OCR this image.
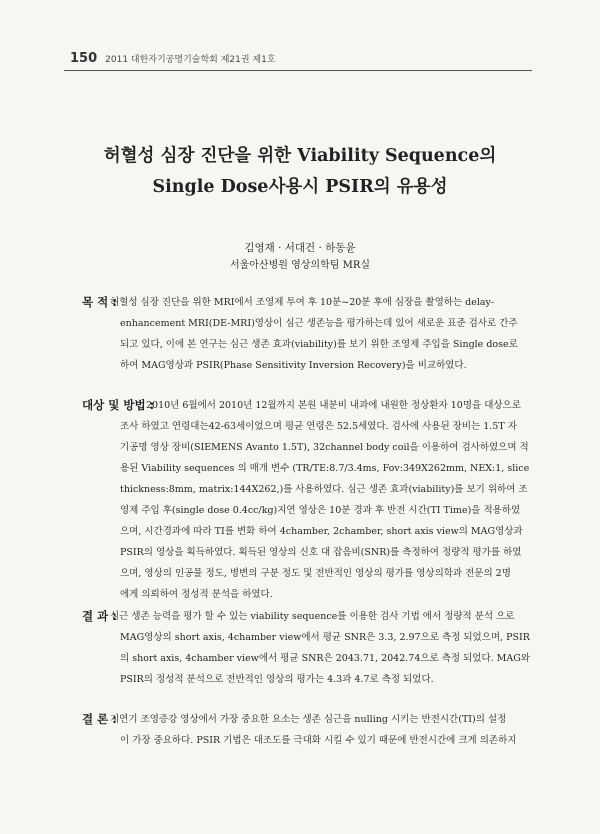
150 2011 대한자기공명기술학회 제21권 제1호
허혈성 심장 진단을 위한 Viability Sequence의
Single Dose사용시 PSIR의 유용성
김영재 · 서대건 · 하동윤
서울아산병원 영상의학팀 MR실
목 적 :
허혈성 심장 진단을 위한 MRI에서 조영제 투여 후 10분~20분 후에 심장을 촬영하는 delay-
enhancement MRI(DE-MRI)영상이 심근 생존능을 평가하는데 있어 새로운 표준 검사로 간주
되고 있다, 이에 본 연구는 심근 생존 효과(viability)를 보기 위한 조영제 주입을 Single dose로
하여 MAG영상과 PSIR(Phase Sensitivity Inversion Recovery)을 비교하였다.
대상 및 방법 :
2010년 6월에서 2010년 12월까지 본원 내분비 내과에 내원한 정상환자 10명을 대상으로
조사 하였고 연령대는42-63세이었으며 평균 연령은 52.5세였다. 검사에 사용된 장비는 1.5T 자
기공명 영상 장비(SIEMENS Avanto 1.5T), 32channel body coil을 이용하여 검사하였으며 적
용된 Viability sequences 의 매개 변수 (TR/TE:8.7/3.4ms, Fov:349X262mm, NEX:1, slice
thickness:8mm, matrix:144X262,)를 사용하였다. 심근 생존 효과(viability)를 보기 위하여 조
영제 주입 후(single dose 0.4cc/kg)지연 영상은 10분 경과 후 반전 시간(TI Time)을 적용하였
으며, 시간경과에 따라 TI를 변화 하여 4chamber, 2chamber, short axis view의 MAG영상과
PSIR의 영상을 획득하였다. 획득된 영상의 신호 대 잡음비(SNR)를 측정하여 정량적 평가를 하였
으며, 영상의 인공물 정도, 병변의 구분 정도 및 전반적인 영상의 평가를 영상의학과 전문의 2명
에게 의뢰하여 정성적 분석을 하였다.
결 과 :
심근 생존 능력을 평가 할 수 있는 viability sequence를 이용한 검사 기법 에서 정량적 분석 으로
MAG영상의 short axis, 4chamber view에서 평균 SNR은 3.3, 2.97으로 측정 되었으며, PSIR
의 short axis, 4chamber view에서 평균 SNR은 2043.71, 2042.74으로 측정 되었다. MAG와
PSIR의 정성적 분석으로 전반적인 영상의 평가는 4.3과 4.7로 측정 되었다.
결 론 :
지연기 조영증강 영상에서 가장 중요한 요소는 생존 심근을 nulling 시키는 반전시간(TI)의 설정
이 가장 중요하다. PSIR 기법은 대조도를 극대화 시킬 수 있기 때문에 반전시간에 크게 의존하지
